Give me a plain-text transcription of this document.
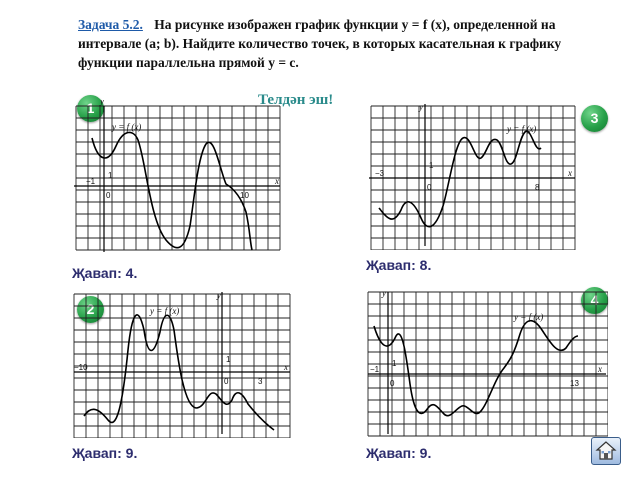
Задача 5.2. На рисунке изображен график функции y = f (x), определенной на интервале (a; b). Найдите количество точек, в которых касательная к графику функции параллельна прямой y = c.
Телдән эш!
1
y = f (x)
y
x
−1
1
0	10
Җавап: 4.
2	y = f (x)
y
x
−10
1
0	3
Җавап: 9.
3
y = f (x)
y
x
−3
1
0	8
Җавап: 8.
4
y = f (x)
y
x
−1
1
0	13
Җавап: 9.
